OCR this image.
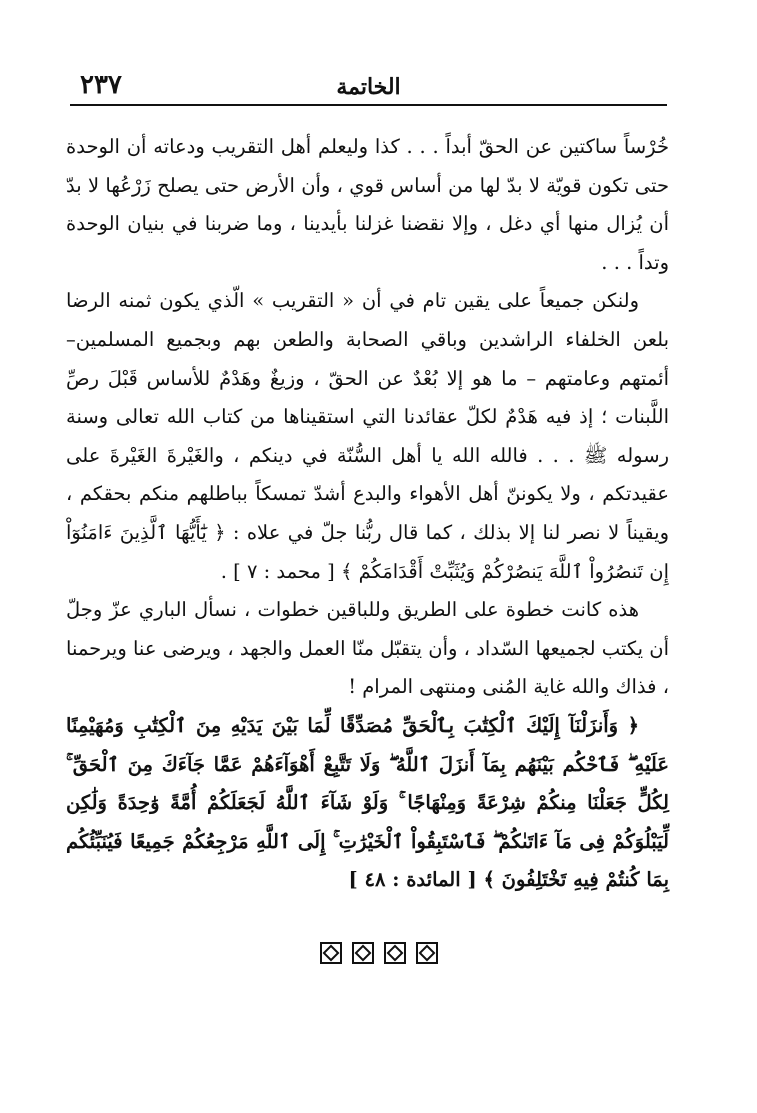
٢٣٧	الخاتمة

خُرْساً ساكتين عن الحقّ أبداً . . . كذا وليعلم أهل التقريب ودعاته أن الوحدة حتى تكون قويّة لا بدّ لها من أساس قوي ، وأن الأرض حتى يصلح زَرْعُها لا بدّ أن يُزال منها أي دغل ، وإلا نقضنا غزلنا بأيدينا ، وما ضربنا في بنيان الوحدة وتداً . . .

ولنكن جميعاً على يقين تام في أن « التقريب » الّذي يكون ثمنه الرضا بلعن الخلفاء الراشدين وباقي الصحابة والطعن بهم وبجميع المسلمين– أئمتهم وعامتهم – ما هو إلا بُعْدٌ عن الحقّ ، وزيغٌ وهَدْمٌ للأساس قَبْلَ رصِّ اللَّبنات ؛ إذ فيه هَدْمٌ لكلّ عقائدنا التي استقيناها من كتاب الله تعالى وسنة رسوله ﷺ . . . فالله الله يا أهل السُّنّة في دينكم ، والغَيْرةَ الغَيْرةَ على عقيدتكم ، ولا يكوننّ أهل الأهواء والبدع أشدّ تمسكاً بباطلهم منكم بحقكم ، ويقيناً لا نصر لنا إلا بذلك ، كما قال ربُّنا جلّ في علاه : ﴿ يَٰٓأَيُّهَا ٱلَّذِينَ ءَامَنُوٓاْ إِن تَنصُرُواْ ٱللَّهَ يَنصُرْكُمْ وَيُثَبِّتْ أَقْدَامَكُمْ ﴾ [ محمد : ٧ ] .

هذه كانت خطوة على الطريق وللباقين خطوات ، نسأل الباري عزّ وجلّ أن يكتب لجميعها السّداد ، وأن يتقبّل منّا العمل والجهد ، ويرضى عنا ويرحمنا ، فذاك والله غاية المُنى ومنتهى المرام !

﴿ وَأَنزَلْنَآ إِلَيْكَ ٱلْكِتَٰبَ بِٱلْحَقِّ مُصَدِّقًا لِّمَا بَيْنَ يَدَيْهِ مِنَ ٱلْكِتَٰبِ وَمُهَيْمِنًا عَلَيْهِ ۖ فَٱحْكُم بَيْنَهُم بِمَآ أَنزَلَ ٱللَّهُ ۖ وَلَا تَتَّبِعْ أَهْوَآءَهُمْ عَمَّا جَآءَكَ مِنَ ٱلْحَقِّ ۚ لِكُلٍّ جَعَلْنَا مِنكُمْ شِرْعَةً وَمِنْهَاجًا ۚ وَلَوْ شَآءَ ٱللَّهُ لَجَعَلَكُمْ أُمَّةً وَٰحِدَةً وَلَٰكِن لِّيَبْلُوَكُمْ فِى مَآ ءَاتَىٰكُمْ ۖ فَٱسْتَبِقُواْ ٱلْخَيْرَٰتِ ۚ إِلَى ٱللَّهِ مَرْجِعُكُمْ جَمِيعًا فَيُنَبِّئُكُم بِمَا كُنتُمْ فِيهِ تَخْتَلِفُونَ ﴾ [ المائدة : ٤٨ ]
